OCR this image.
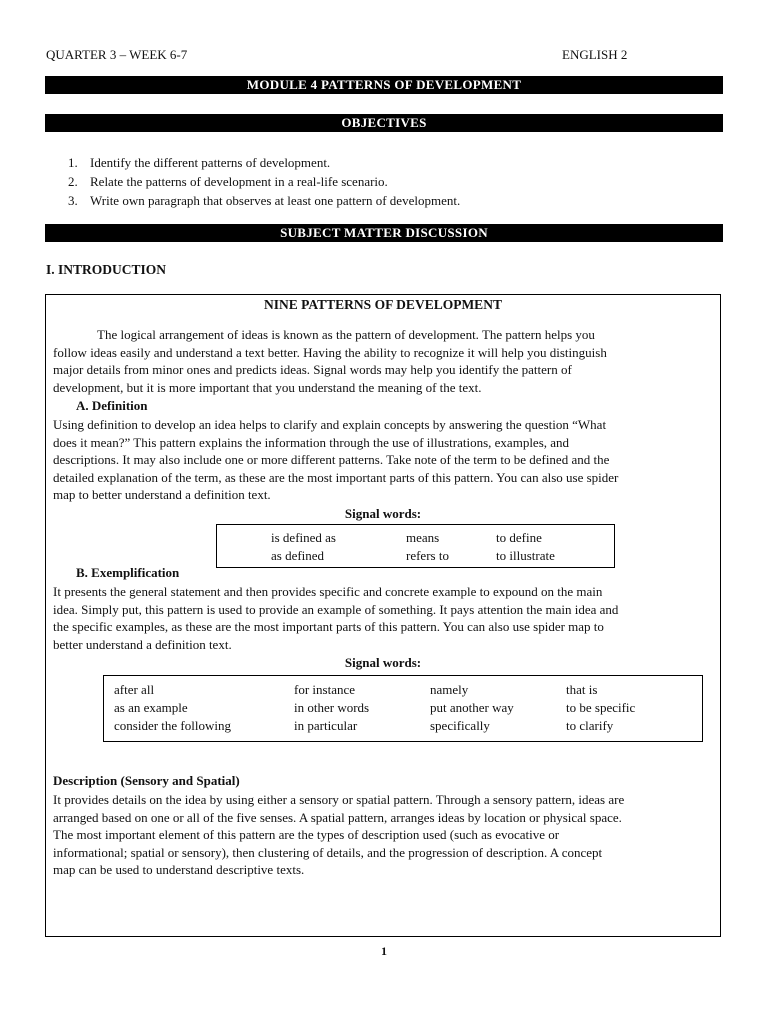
QUARTER 3 – WEEK 6-7	ENGLISH 2
MODULE 4 PATTERNS OF DEVELOPMENT
OBJECTIVES
1. Identify the different patterns of development.
2. Relate the patterns of development in a real-life scenario.
3. Write own paragraph that observes at least one pattern of development.
SUBJECT MATTER DISCUSSION
I. INTRODUCTION
NINE PATTERNS OF DEVELOPMENT
The logical arrangement of ideas is known as the pattern of development. The pattern helps you
follow ideas easily and understand a text better. Having the ability to recognize it will help you distinguish
major details from minor ones and predicts ideas. Signal words may help you identify the pattern of
development, but it is more important that you understand the meaning of the text.
A. Definition
Using definition to develop an idea helps to clarify and explain concepts by answering the question “What
does it mean?” This pattern explains the information through the use of illustrations, examples, and
descriptions. It may also include one or more different patterns. Take note of the term to be defined and the
detailed explanation of the term, as these are the most important parts of this pattern. You can also use spider
map to better understand a definition text.
Signal words:
is defined as	means	to define
as defined	refers to	to illustrate
B. Exemplification
It presents the general statement and then provides specific and concrete example to expound on the main
idea. Simply put, this pattern is used to provide an example of something. It pays attention the main idea and
the specific examples, as these are the most important parts of this pattern. You can also use spider map to
better understand a definition text.
Signal words:
after all	for instance	namely	that is
as an example	in other words	put another way	to be specific
consider the following	in particular	specifically	to clarify
Description (Sensory and Spatial)
It provides details on the idea by using either a sensory or spatial pattern. Through a sensory pattern, ideas are
arranged based on one or all of the five senses. A spatial pattern, arranges ideas by location or physical space.
The most important element of this pattern are the types of description used (such as evocative or
informational; spatial or sensory), then clustering of details, and the progression of description. A concept
map can be used to understand descriptive texts.
1
